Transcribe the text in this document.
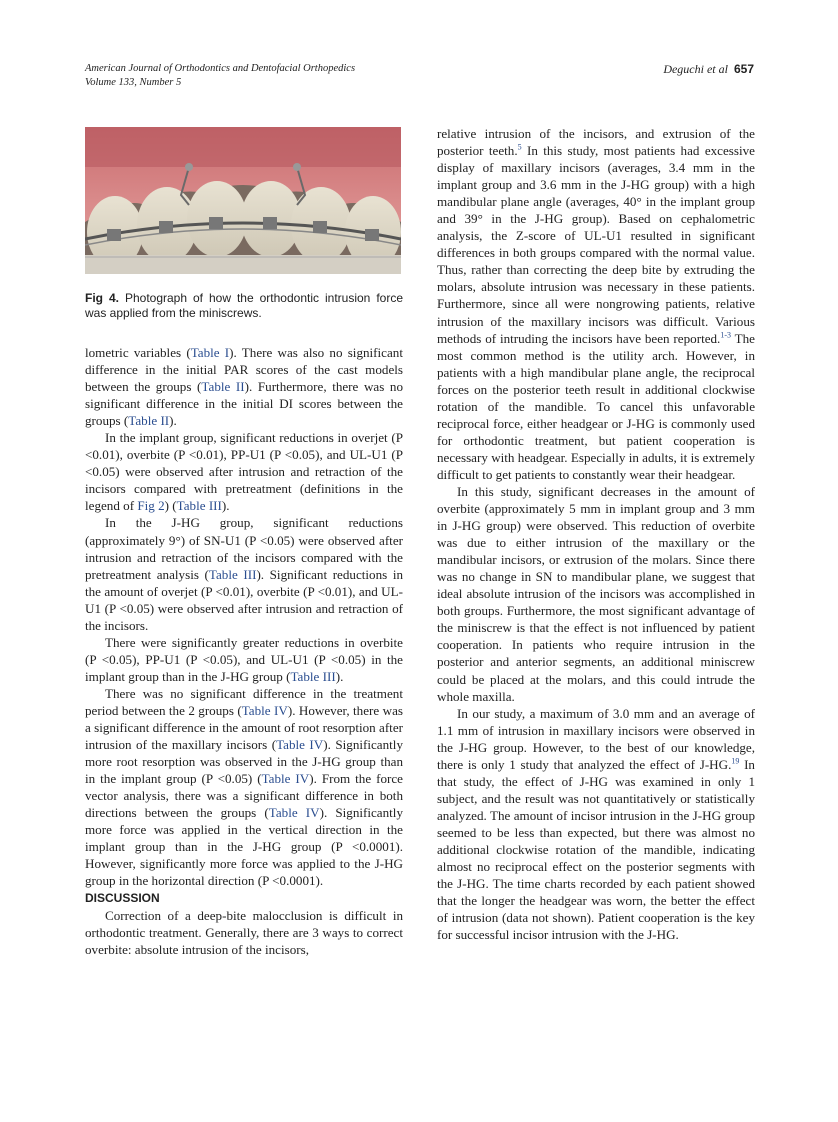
American Journal of Orthodontics and Dentofacial Orthopedics
Volume 133, Number 5
Deguchi et al 657
Fig 4. Photograph of how the orthodontic intrusion force was applied from the miniscrews.

lometric variables (Table I). There was also no significant difference in the initial PAR scores of the cast models between the groups (Table II). Furthermore, there was no significant difference in the initial DI scores between the groups (Table II).

In the implant group, significant reductions in overjet (P <0.01), overbite (P <0.01), PP-U1 (P <0.05), and UL-U1 (P <0.05) were observed after intrusion and retraction of the incisors compared with pretreatment (definitions in the legend of Fig 2) (Table III).

In the J-HG group, significant reductions (approximately 9°) of SN-U1 (P <0.05) were observed after intrusion and retraction of the incisors compared with the pretreatment analysis (Table III). Significant reductions in the amount of overjet (P <0.01), overbite (P <0.01), and UL-U1 (P <0.05) were observed after intrusion and retraction of the incisors.

There were significantly greater reductions in overbite (P <0.05), PP-U1 (P <0.05), and UL-U1 (P <0.05) in the implant group than in the J-HG group (Table III).

There was no significant difference in the treatment period between the 2 groups (Table IV). However, there was a significant difference in the amount of root resorption after intrusion of the maxillary incisors (Table IV). Significantly more root resorption was observed in the J-HG group than in the implant group (P <0.05) (Table IV). From the force vector analysis, there was a significant difference in both directions between the groups (Table IV). Significantly more force was applied in the vertical direction in the implant group than in the J-HG group (P <0.0001). However, significantly more force was applied to the J-HG group in the horizontal direction (P <0.0001).

DISCUSSION

Correction of a deep-bite malocclusion is difficult in orthodontic treatment. Generally, there are 3 ways to correct overbite: absolute intrusion of the incisors,

relative intrusion of the incisors, and extrusion of the posterior teeth.$^5$ In this study, most patients had excessive display of maxillary incisors (averages, 3.4 mm in the implant group and 3.6 mm in the J-HG group) with a high mandibular plane angle (averages, 40° in the implant group and 39° in the J-HG group). Based on cephalometric analysis, the Z-score of UL-U1 resulted in significant differences in both groups compared with the normal value. Thus, rather than correcting the deep bite by extruding the molars, absolute intrusion was necessary in these patients. Furthermore, since all were nongrowing patients, relative intrusion of the maxillary incisors was difficult. Various methods of intruding the incisors have been reported.$^{1-3}$ The most common method is the utility arch. However, in patients with a high mandibular plane angle, the reciprocal forces on the posterior teeth result in additional clockwise rotation of the mandible. To cancel this unfavorable reciprocal force, either headgear or J-HG is commonly used for orthodontic treatment, but patient cooperation is necessary with headgear. Especially in adults, it is extremely difficult to get patients to constantly wear their headgear.

In this study, significant decreases in the amount of overbite (approximately 5 mm in implant group and 3 mm in J-HG group) were observed. This reduction of overbite was due to either intrusion of the maxillary or the mandibular incisors, or extrusion of the molars. Since there was no change in SN to mandibular plane, we suggest that ideal absolute intrusion of the incisors was accomplished in both groups. Furthermore, the most significant advantage of the miniscrew is that the effect is not influenced by patient cooperation. In patients who require intrusion in the posterior and anterior segments, an additional miniscrew could be placed at the molars, and this could intrude the whole maxilla.

In our study, a maximum of 3.0 mm and an average of 1.1 mm of intrusion in maxillary incisors were observed in the J-HG group. However, to the best of our knowledge, there is only 1 study that analyzed the effect of J-HG.$^{19}$ In that study, the effect of J-HG was examined in only 1 subject, and the result was not quantitatively or statistically analyzed. The amount of incisor intrusion in the J-HG group seemed to be less than expected, but there was almost no additional clockwise rotation of the mandible, indicating almost no reciprocal effect on the posterior segments with the J-HG. The time charts recorded by each patient showed that the longer the headgear was worn, the better the effect of intrusion (data not shown). Patient cooperation is the key for successful incisor intrusion with the J-HG.
